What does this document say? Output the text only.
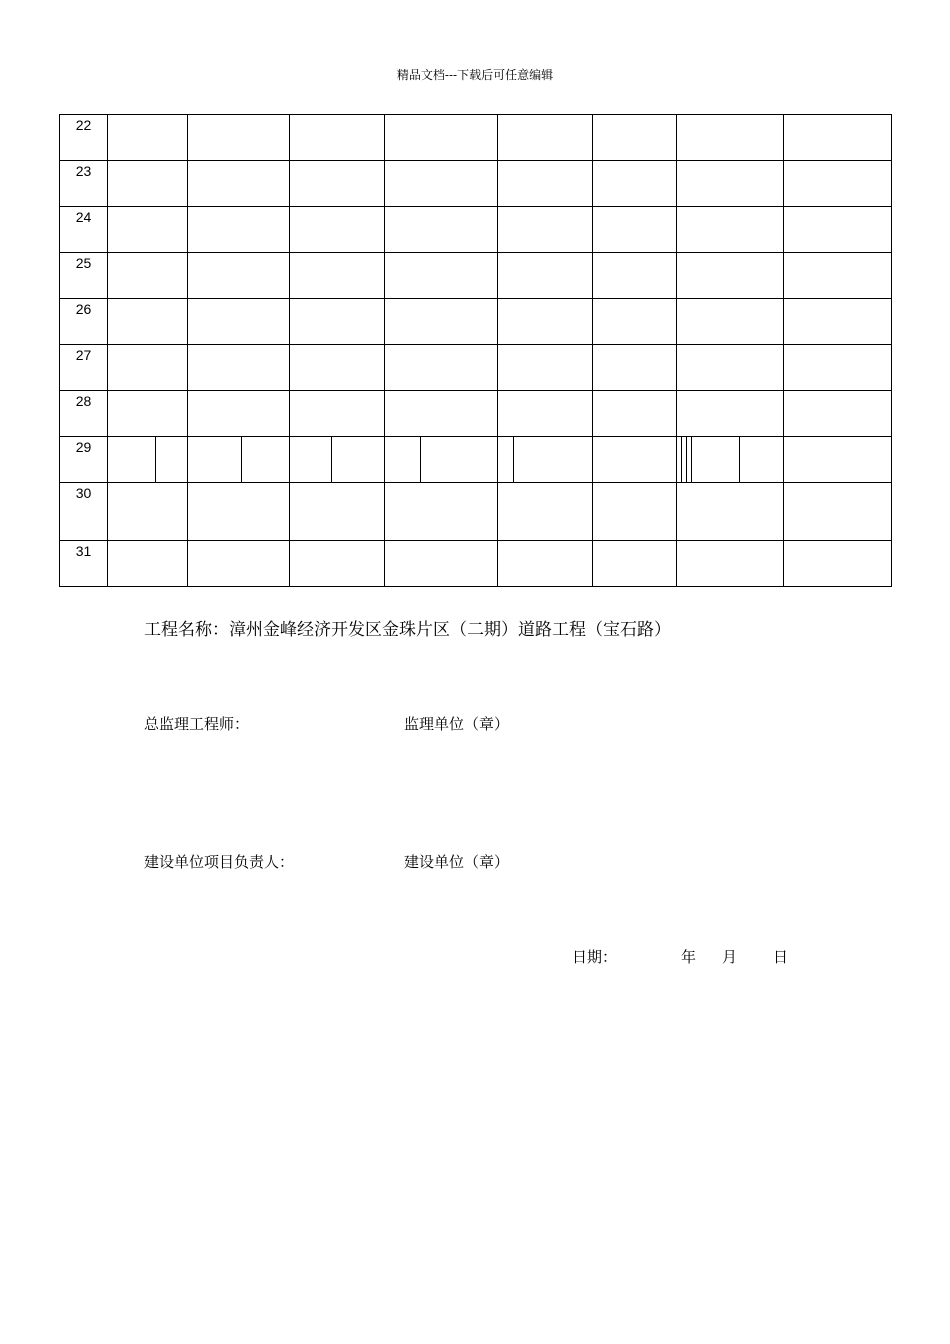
精品文档---下载后可任意编辑
22								
23								
24								
25								
26								
27								
28								
29	

30								
31								
工程名称：漳州金峰经济开发区金珠片区（二期）道路工程（宝石路）
总监理工程师：	监理单位（章）
建设单位项目负责人：	建设单位（章）
日期：	年 月 日
